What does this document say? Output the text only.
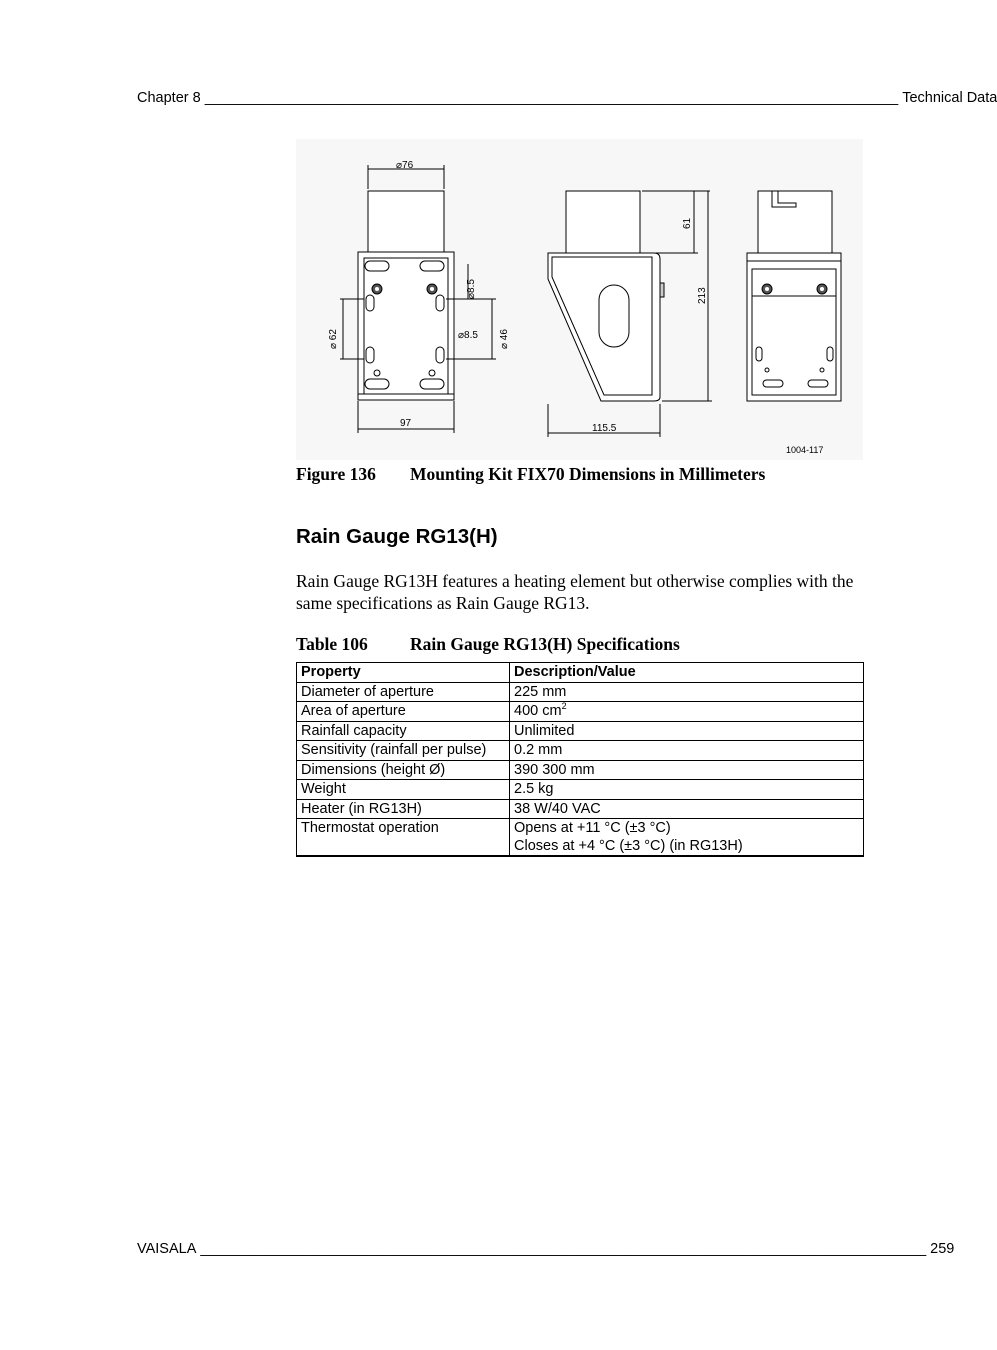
Chapter 8 ______________________________________________________________________________________ Technical Data
⌀76
⌀ 62
⌀8.5
⌀8.5
⌀ 46
97
61
213
115.5
1004-117
Figure 136 Mounting Kit FIX70 Dimensions in Millimeters
Rain Gauge RG13(H)
Rain Gauge RG13H features a heating element but otherwise complies with the same specifications as Rain Gauge RG13.
Table 106 Rain Gauge RG13(H) Specifications
Property	Description/Value
Diameter of aperture	225 mm
Area of aperture	400 $cm^2$
Rainfall capacity	Unlimited
Sensitivity (rainfall per pulse)	0.2 mm
Dimensions (height Ø)	390 300 mm
Weight	2.5 kg
Heater (in RG13H)	38 W/40 VAC
Thermostat operation	Opens at +11 °C (±3 °C)
Closes at +4 °C (±3 °C) (in RG13H)
VAISALA __________________________________________________________________________________________ 259
